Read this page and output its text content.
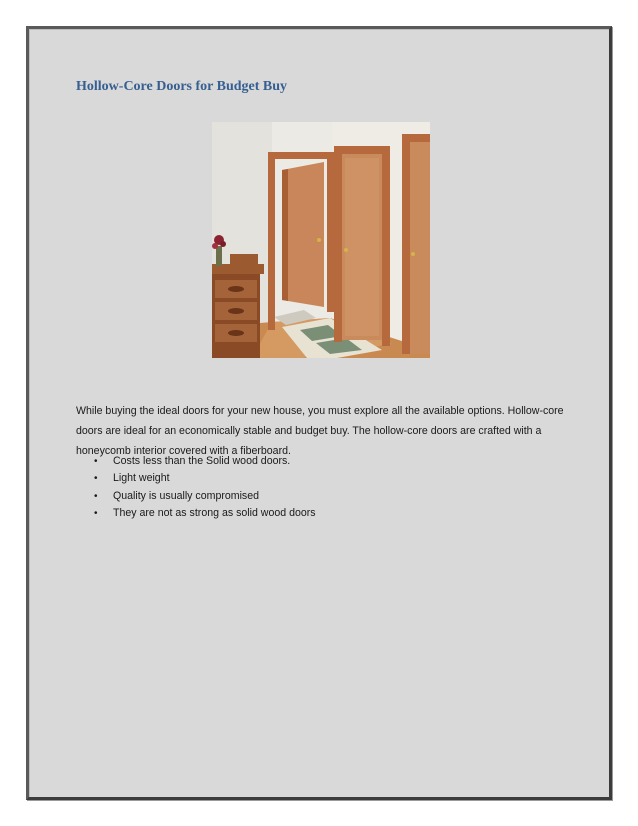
Hollow-Core Doors for Budget Buy

While buying the ideal doors for your new house, you must explore all the available options. Hollow-core doors are ideal for an economically stable and budget buy. The hollow-core doors are crafted with a honeycomb interior covered with a fiberboard.

• Costs less than the Solid wood doors.
• Light weight
• Quality is usually compromised
• They are not as strong as solid wood doors
